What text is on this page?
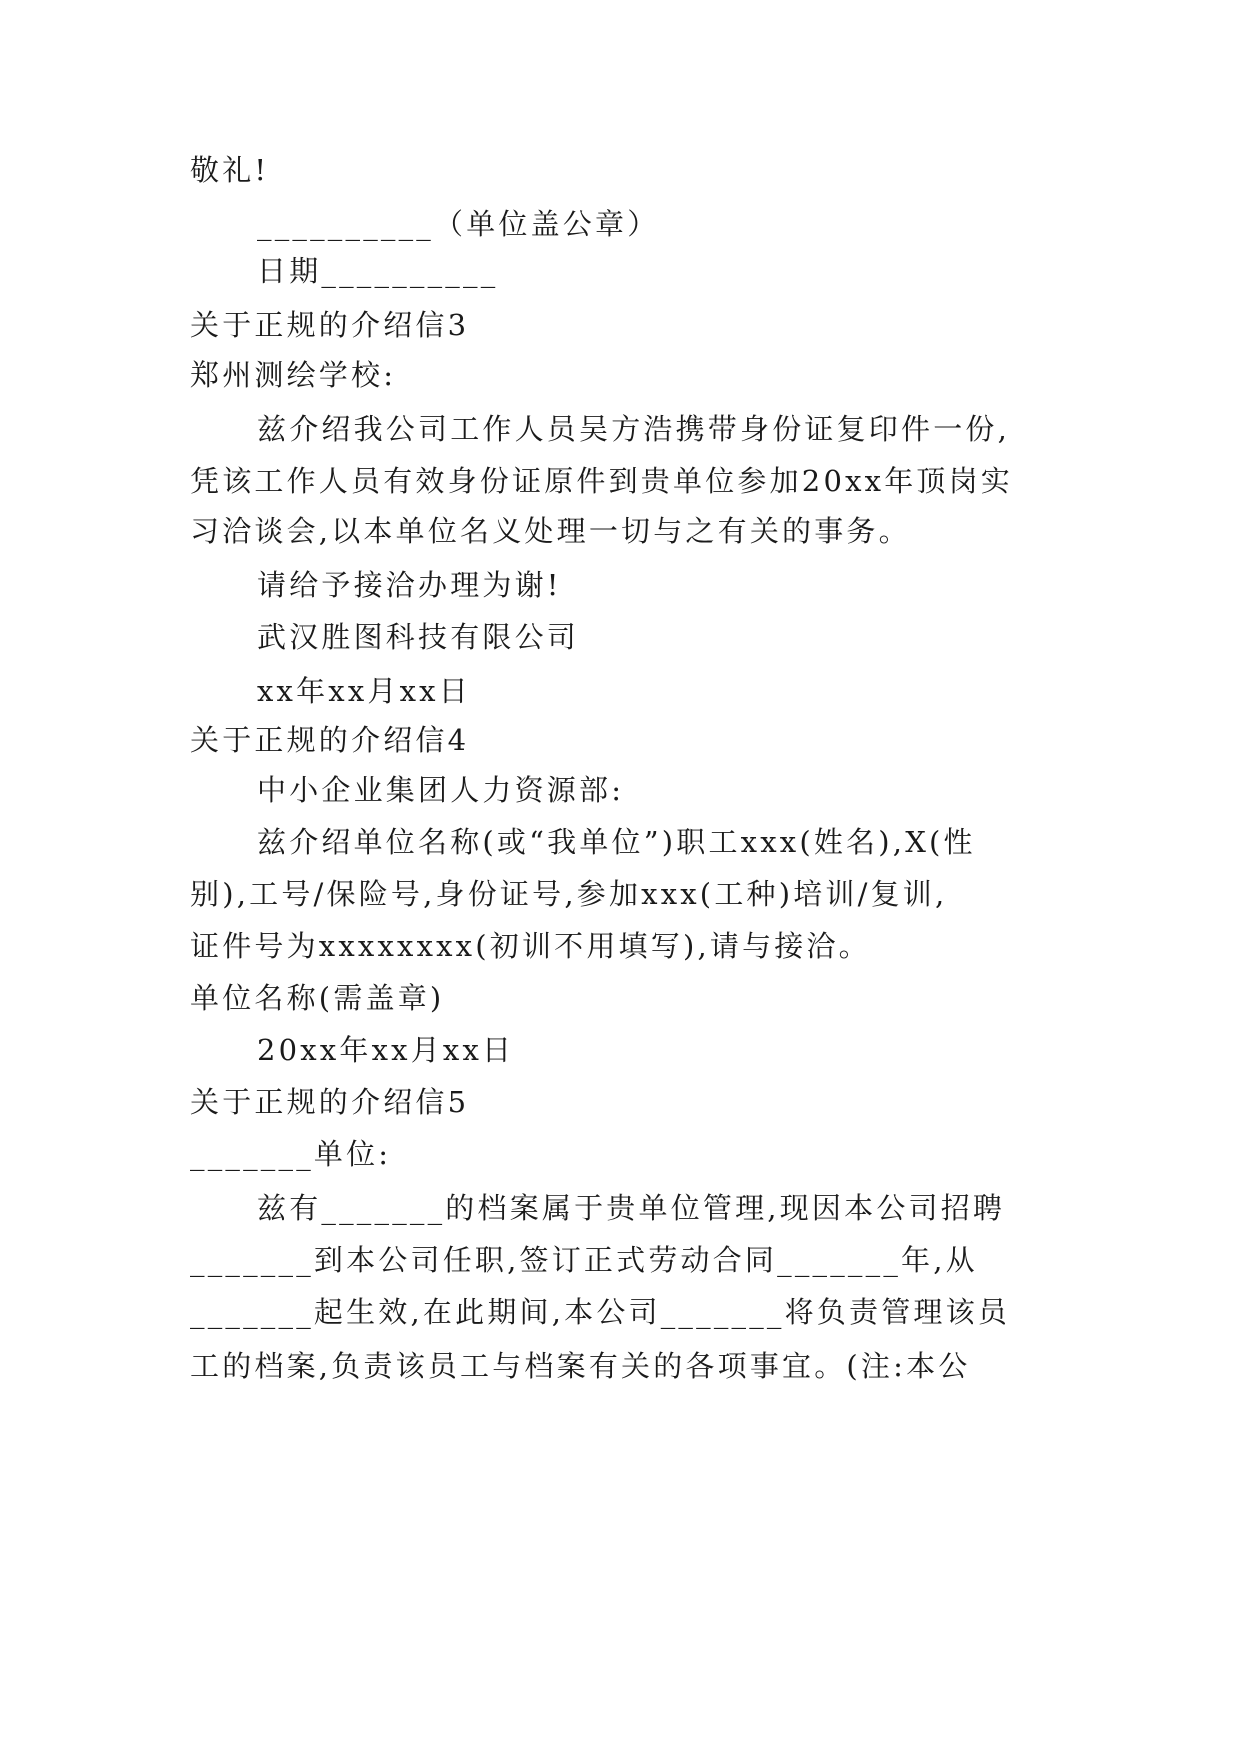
敬礼!

__________（单位盖公章）

日期__________

关于正规的介绍信3

郑州测绘学校:

兹介绍我公司工作人员吴方浩携带身份证复印件一份,

凭该工作人员有效身份证原件到贵单位参加20xx年顶岗实

习洽谈会,以本单位名义处理一切与之有关的事务。

请给予接洽办理为谢!

武汉胜图科技有限公司

xx年xx月xx日

关于正规的介绍信4

中小企业集团人力资源部:

兹介绍单位名称(或“我单位”)职工xxx(姓名),X(性

别),工号/保险号,身份证号,参加xxx(工种)培训/复训,

证件号为xxxxxxxx(初训不用填写),请与接洽。

单位名称(需盖章)

20xx年xx月xx日

关于正规的介绍信5

_______单位:

兹有_______的档案属于贵单位管理,现因本公司招聘

_______到本公司任职,签订正式劳动合同_______年,从

_______起生效,在此期间,本公司_______将负责管理该员

工的档案,负责该员工与档案有关的各项事宜。(注:本公
